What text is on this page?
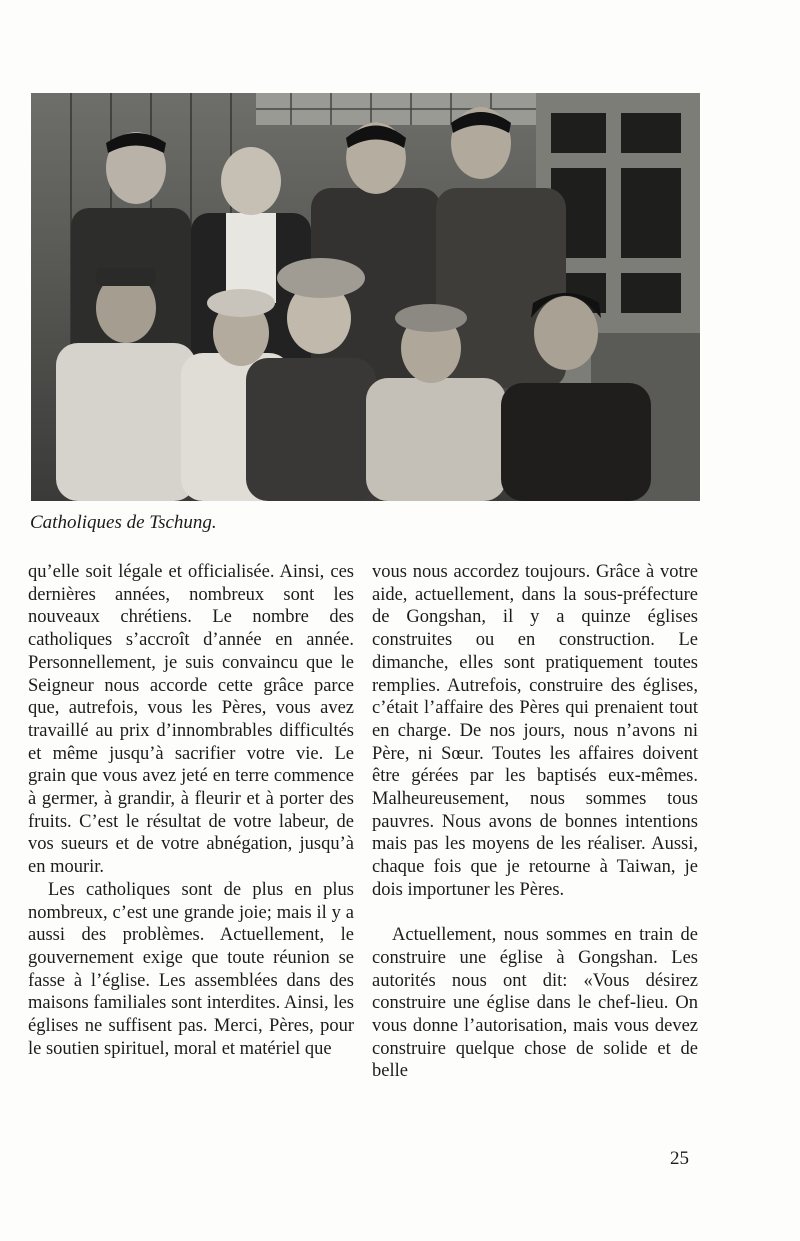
Catholiques de Tschung.

qu’elle soit légale et officialisée. Ainsi, ces dernières années, nombreux sont les nouveaux chrétiens. Le nombre des catholiques s’accroît d’année en année. Personnellement, je suis convaincu que le Seigneur nous accorde cette grâce parce que, autrefois, vous les Pères, vous avez travaillé au prix d’innombrables difficultés et même jusqu’à sacrifier votre vie. Le grain que vous avez jeté en terre commence à germer, à grandir, à fleurir et à porter des fruits. C’est le résultat de votre labeur, de vos sueurs et de votre abnégation, jusqu’à en mourir.

Les catholiques sont de plus en plus nombreux, c’est une grande joie; mais il y a aussi des problèmes. Actuellement, le gouvernement exige que toute réunion se fasse à l’église. Les assemblées dans des maisons familiales sont interdites. Ainsi, les églises ne suffisent pas. Merci, Pères, pour le soutien spirituel, moral et matériel que

vous nous accordez toujours. Grâce à votre aide, actuellement, dans la sous-préfecture de Gongshan, il y a quinze églises construites ou en construction. Le dimanche, elles sont pratiquement toutes remplies. Autrefois, construire des églises, c’était l’affaire des Pères qui prenaient tout en charge. De nos jours, nous n’avons ni Père, ni Sœur. Toutes les affaires doivent être gérées par les baptisés eux-mêmes. Malheureusement, nous sommes tous pauvres. Nous avons de bonnes intentions mais pas les moyens de les réaliser. Aussi, chaque fois que je retourne à Taiwan, je dois importuner les Pères.

Actuellement, nous sommes en train de construire une église à Gongshan. Les autorités nous ont dit: «Vous désirez construire une église dans le chef-lieu. On vous donne l’autorisation, mais vous devez construire quelque chose de solide et de belle

25
